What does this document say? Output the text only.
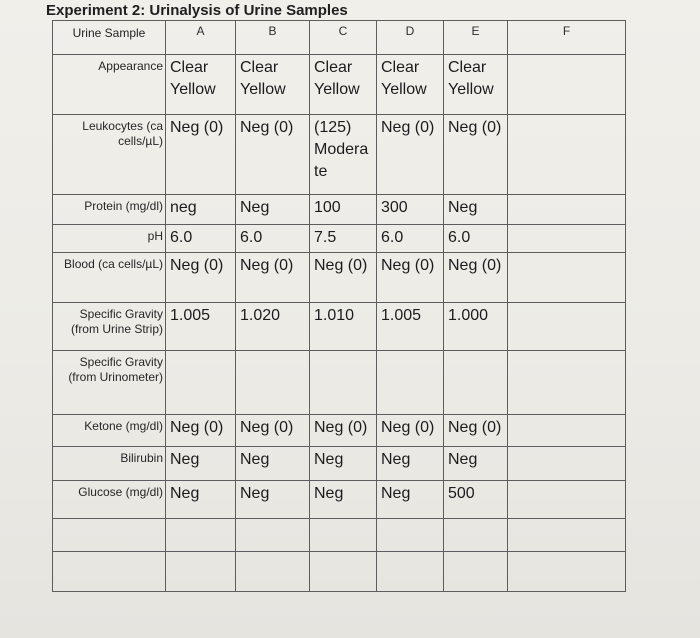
Experiment 2: Urinalysis of Urine Samples
Urine Sample	A	B	C	D	E	F
Appearance	Clear Yellow	Clear Yellow	Clear Yellow	Clear Yellow	Clear Yellow	
Leukocytes (ca cells/µL)	Neg (0)	Neg (0)	(125) Modera te	Neg (0)	Neg (0)	
Protein (mg/dl)	neg	Neg	100	300	Neg	
pH	6.0	6.0	7.5	6.0	6.0	
Blood (ca cells/µL)	Neg (0)	Neg (0)	Neg (0)	Neg (0)	Neg (0)	
Specific Gravity (from Urine Strip)	1.005	1.020	1.010	1.005	1.000	
Specific Gravity (from Urinometer)						
Ketone (mg/dl)	Neg (0)	Neg (0)	Neg (0)	Neg (0)	Neg (0)	
Bilirubin	Neg	Neg	Neg	Neg	Neg	
Glucose (mg/dl)	Neg	Neg	Neg	Neg	500	
